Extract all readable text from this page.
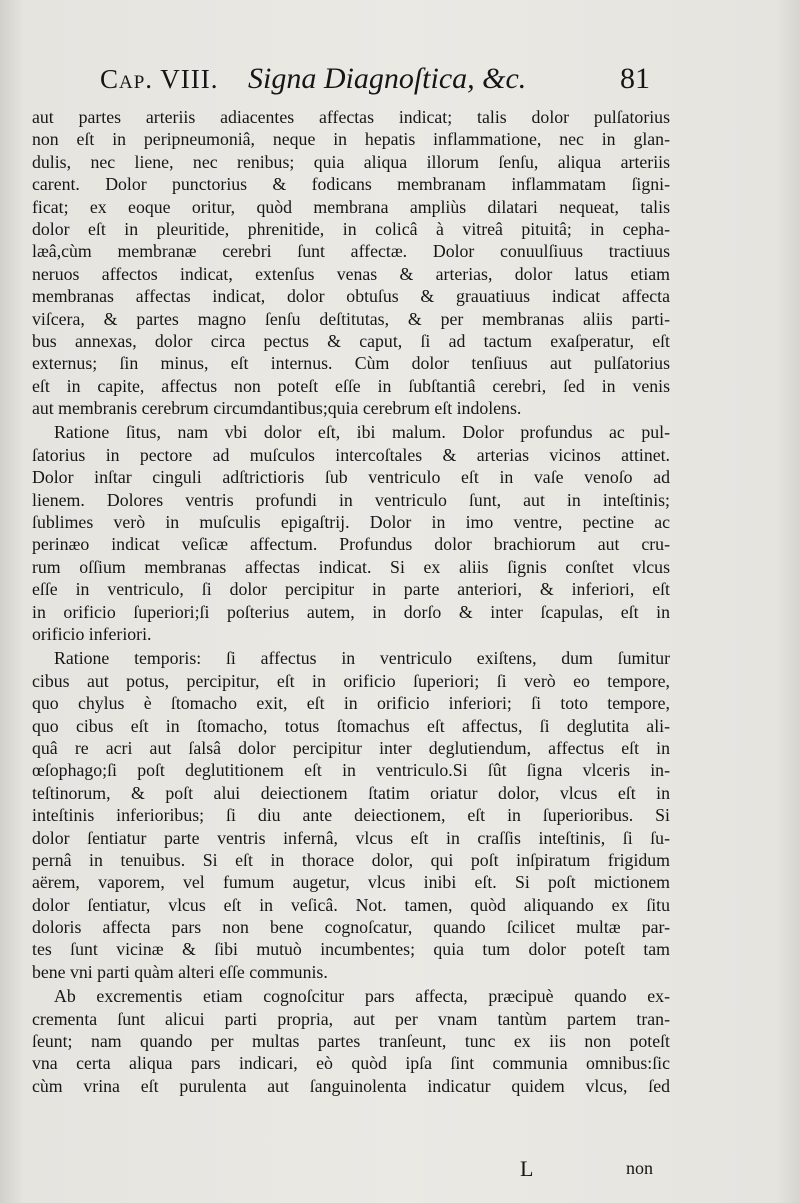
Cap. VIII. Signa Diagnoſtica, &c.	81
aut partes arteriis adiacentes affectas indicat; talis dolor pulſatorius
non eſt in peripneumoniâ, neque in hepatis inflammatione, nec in glan-
dulis, nec liene, nec renibus; quia aliqua illorum ſenſu, aliqua arteriis
carent. Dolor punctorius & fodicans membranam inflammatam ſigni-
ficat; ex eoque oritur, quòd membrana ampliùs dilatari nequeat, talis
dolor eſt in pleuritide, phrenitide, in colicâ à vitreâ pituitâ; in cepha-
læâ,cùm membranæ cerebri ſunt affectæ. Dolor conuulſiuus tractiuus
neruos affectos indicat, extenſus venas & arterias, dolor latus etiam
membranas affectas indicat, dolor obtuſus & grauatiuus indicat affecta
viſcera, & partes magno ſenſu deſtitutas, & per membranas aliis parti-
bus annexas, dolor circa pectus & caput, ſi ad tactum exaſperatur, eſt
externus; ſin minus, eſt internus. Cùm dolor tenſiuus aut pulſatorius
eſt in capite, affectus non poteſt eſſe in ſubſtantiâ cerebri, ſed in venis
aut membranis cerebrum circumdantibus;quia cerebrum eſt indolens.
Ratione ſitus, nam vbi dolor eſt, ibi malum. Dolor profundus ac pul-
ſatorius in pectore ad muſculos intercoſtales & arterias vicinos attinet.
Dolor inſtar cinguli adſtrictioris ſub ventriculo eſt in vaſe venoſo ad
lienem. Dolores ventris profundi in ventriculo ſunt, aut in inteſtinis;
ſublimes verò in muſculis epigaſtrij. Dolor in imo ventre, pectine ac
perinæo indicat veſicæ affectum. Profundus dolor brachiorum aut cru-
rum oſſium membranas affectas indicat. Si ex aliis ſignis conſtet vlcus
eſſe in ventriculo, ſi dolor percipitur in parte anteriori, & inferiori, eſt
in orificio ſuperiori;ſi poſterius autem, in dorſo & inter ſcapulas, eſt in
orificio inferiori.
Ratione temporis: ſi affectus in ventriculo exiſtens, dum ſumitur
cibus aut potus, percipitur, eſt in orificio ſuperiori; ſi verò eo tempore,
quo chylus è ſtomacho exit, eſt in orificio inferiori; ſi toto tempore,
quo cibus eſt in ſtomacho, totus ſtomachus eſt affectus, ſi deglutita ali-
quâ re acri aut ſalsâ dolor percipitur inter deglutiendum, affectus eſt in
œſophago;ſi poſt deglutitionem eſt in ventriculo.Si ſût ſigna vlceris in-
teſtinorum, & poſt alui deiectionem ſtatim oriatur dolor, vlcus eſt in
inteſtinis inferioribus; ſi diu ante deiectionem, eſt in ſuperioribus. Si
dolor ſentiatur parte ventris infernâ, vlcus eſt in craſſis inteſtinis, ſi ſu-
pernâ in tenuibus. Si eſt in thorace dolor, qui poſt inſpiratum frigidum
aërem, vaporem, vel fumum augetur, vlcus inibi eſt. Si poſt mictionem
dolor ſentiatur, vlcus eſt in veſicâ. Not. tamen, quòd aliquando ex ſitu
doloris affecta pars non bene cognoſcatur, quando ſcilicet multæ par-
tes ſunt vicinæ & ſibi mutuò incumbentes; quia tum dolor poteſt tam
bene vni parti quàm alteri eſſe communis.
Ab excrementis etiam cognoſcitur pars affecta, præcipuè quando ex-
crementa ſunt alicui parti propria, aut per vnam tantùm partem tran-
ſeunt; nam quando per multas partes tranſeunt, tunc ex iis non poteſt
vna certa aliqua pars indicari, eò quòd ipſa ſint communia omnibus:ſic
cùm vrina eſt purulenta aut ſanguinolenta indicatur quidem vlcus, ſed
L	non
